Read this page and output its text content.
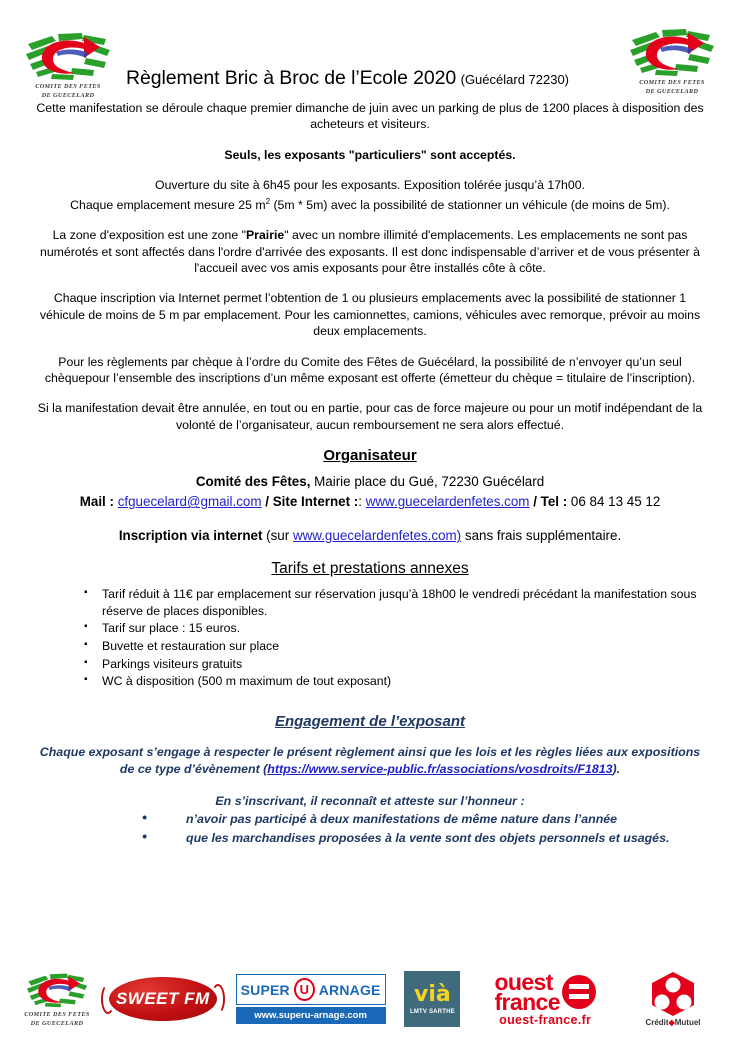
COMITE DES FETES
DE GUECELARD
Règlement Bric à Broc de l’Ecole 2020 (Guécélard 72230)	COMITE DES FETES
DE GUECELARD

Cette manifestation se déroule chaque premier dimanche de juin avec un parking de plus de 1200 places à disposition des acheteurs et visiteurs.

Seuls, les exposants "particuliers" sont acceptés.

Ouverture du site à 6h45 pour les exposants. Exposition tolérée jusqu’à 17h00.

Chaque emplacement mesure 25 $m^2$ (5m * 5m) avec la possibilité de stationner un véhicule (de moins de 5m).

La zone d'exposition est une zone "Prairie" avec un nombre illimité d'emplacements. Les emplacements ne sont pas numérotés et sont affectés dans l'ordre d'arrivée des exposants. Il est donc indispensable d’arriver et de vous présenter à l'accueil avec vos amis exposants pour être installés côte à côte.

Chaque inscription via Internet permet l’obtention de 1 ou plusieurs emplacements avec la possibilité de stationner 1 véhicule de moins de 5 m par emplacement. Pour les camionnettes, camions, véhicules avec remorque, prévoir au moins deux emplacements.

Pour les règlements par chèque à l’ordre du Comite des Fêtes de Guécélard, la possibilité de n’envoyer qu’un seul chèquepour l’ensemble des inscriptions d’un même exposant est offerte (émetteur du chèque = titulaire de l’inscription).

Si la manifestation devait être annulée, en tout ou en partie, pour cas de force majeure ou pour un motif indépendant de la volonté de l’organisateur, aucun remboursement ne sera alors effectué.

Organisateur
Comité des Fêtes, Mairie place du Gué, 72230 Guécélard
Mail : cfguecelard@gmail.com / Site Internet :: www.guecelardenfetes.com / Tel : 06 84 13 45 12
Inscription via internet (sur www.guecelardenfetes.com) sans frais supplémentaire.
Tarifs et prestations annexes
▪ Tarif réduit à 11€ par emplacement sur réservation jusqu’à 18h00 le vendredi précédant la manifestation sous réserve de places disponibles.
▪ Tarif sur place : 15 euros.
▪ Buvette et restauration sur place
▪ Parkings visiteurs gratuits
▪ WC à disposition (500 m maximum de tout exposant)
Engagement de l’exposant

Chaque exposant s’engage à respecter le présent règlement ainsi que les lois et les règles liées aux expositions de ce type d’évènement (https://www.service-public.fr/associations/vosdroits/F1813).

En s’inscrivant, il reconnaît et atteste sur l’honneur :

• n’avoir pas participé à deux manifestations de même nature dans l’année
• que les marchandises proposées à la vente sont des objets personnels et usagés.
COMITE DES FETES
DE GUECELARD
SWEET FM SUPER U ARNAGE
www.superu-arnage.com
vià
LMTV SARTHE
ouest
france
ouest-france.fr	Crédit◆Mutuel
